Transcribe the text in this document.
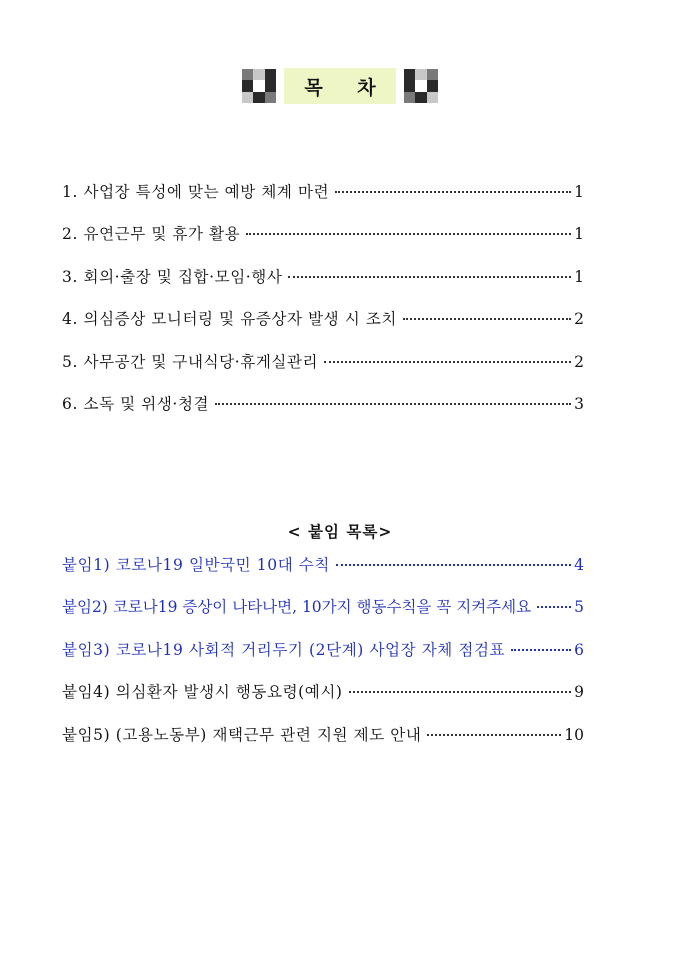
목 차
1. 사업장 특성에 맞는 예방 체계 마련	1
2. 유연근무 및 휴가 활용	1
3. 회의·출장 및 집합·모임·행사	1
4. 의심증상 모니터링 및 유증상자 발생 시 조치	2
5. 사무공간 및 구내식당·휴게실관리	2
6. 소독 및 위생·청결	3
< 붙임 목록>
붙임1) 코로나19 일반국민 10대 수칙	4
붙임2) 코로나19 증상이 나타나면, 10가지 행동수칙을 꼭 지켜주세요	5
붙임3) 코로나19 사회적 거리두기 (2단계) 사업장 자체 점검표	6
붙임4) 의심환자 발생시 행동요령(예시)	9
붙임5) (고용노동부) 재택근무 관련 지원 제도 안내	10
